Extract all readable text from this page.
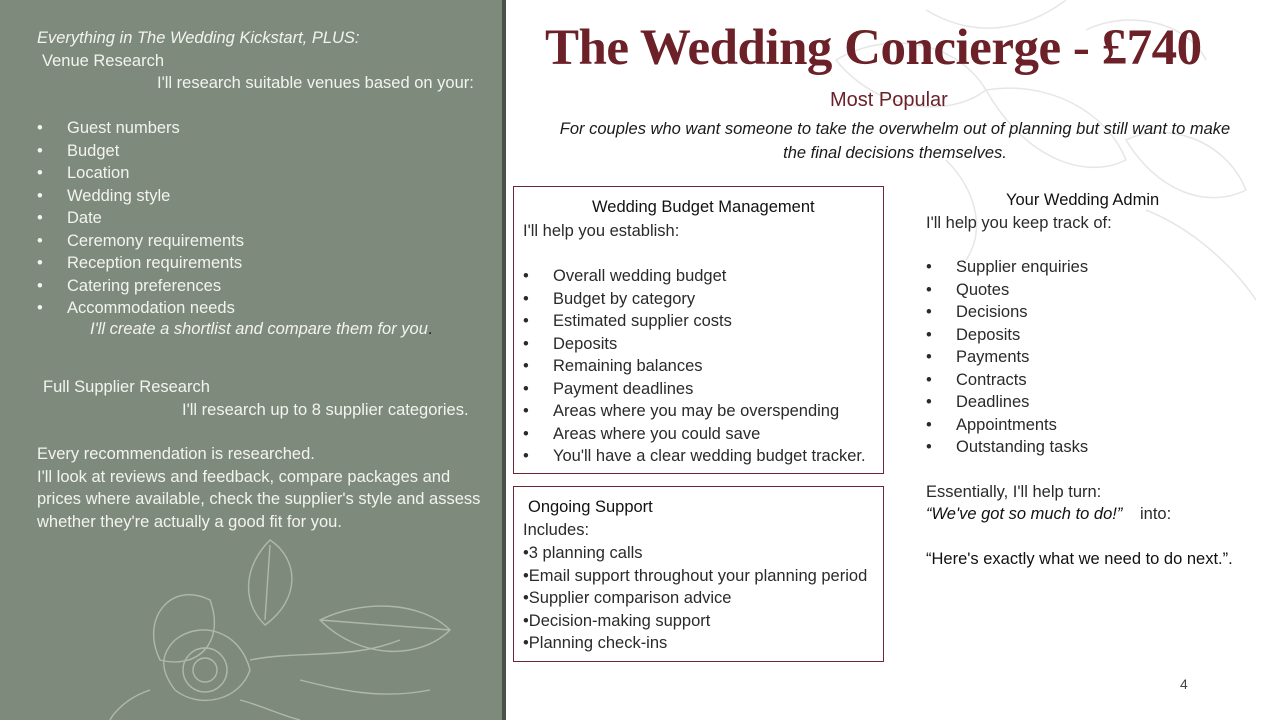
Everything in The Wedding Kickstart, PLUS:
Venue Research
I'll research suitable venues based on your:
• Guest numbers
• Budget
• Location
• Wedding style
• Date
• Ceremony requirements
• Reception requirements
• Catering preferences
• Accommodation needs
I'll create a shortlist and compare them for you.
Full Supplier Research
I'll research up to 8 supplier categories.
Every recommendation is researched.
I'll look at reviews and feedback, compare packages and
prices where available, check the supplier's style and assess
whether they're actually a good fit for you.
The Wedding Concierge - £740
Most Popular
For couples who want someone to take the overwhelm out of planning but still want to make
the final decisions themselves.
Wedding Budget Management
I'll help you establish:
• Overall wedding budget
• Budget by category
• Estimated supplier costs
• Deposits
• Remaining balances
• Payment deadlines
• Areas where you may be overspending
• Areas where you could save
• You'll have a clear wedding budget tracker.
Ongoing Support
Includes:
•3 planning calls
•Email support throughout your planning period
•Supplier comparison advice
•Decision-making support
•Planning check-ins
Your Wedding Admin
I'll help you keep track of:
• Supplier enquiries
• Quotes
• Decisions
• Deposits
• Payments
• Contracts
• Deadlines
• Appointments
• Outstanding tasks
Essentially, I'll help turn:
“We've got so much to do!” into:
“Here's exactly what we need to do next.”.
4
